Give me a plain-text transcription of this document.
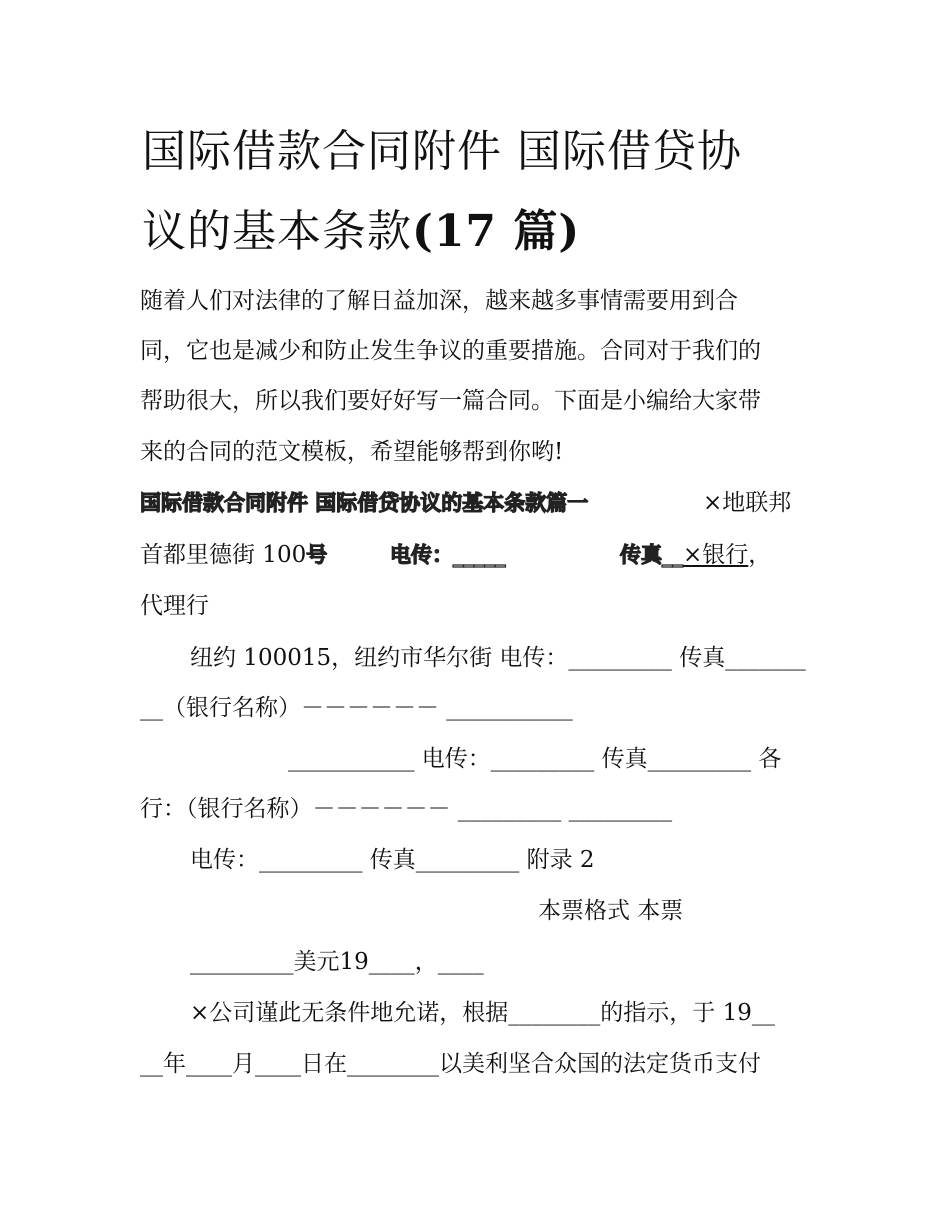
国际借款合同附件 国际借贷协
议的基本条款(17 篇)
随着人们对法律的了解日益加深，越来越多事情需要用到合
同，它也是减少和防止发生争议的重要措施。合同对于我们的
帮助很大，所以我们要好好写一篇合同。下面是小编给大家带
来的合同的范文模板，希望能够帮到你哟!
国际借款合同附件 国际借贷协议的基本条款篇一	×地联邦
首都里德街 100号	电传：_____	传真__×银行，
代理行
纽约 100015，纽约市华尔街 电传：_________ 传真_______
__（银行名称）－－－－－－ ___________
___________ 电传：_________ 传真_________ 各
行：（银行名称）－－－－－－ _________ _________
电传：_________ 传真_________ 附录 2
本票格式 本票
_________美元19____，____
×公司谨此无条件地允诺，根据________的指示，于 19__
__年____月____日在________以美利坚合众国的法定货币支付
